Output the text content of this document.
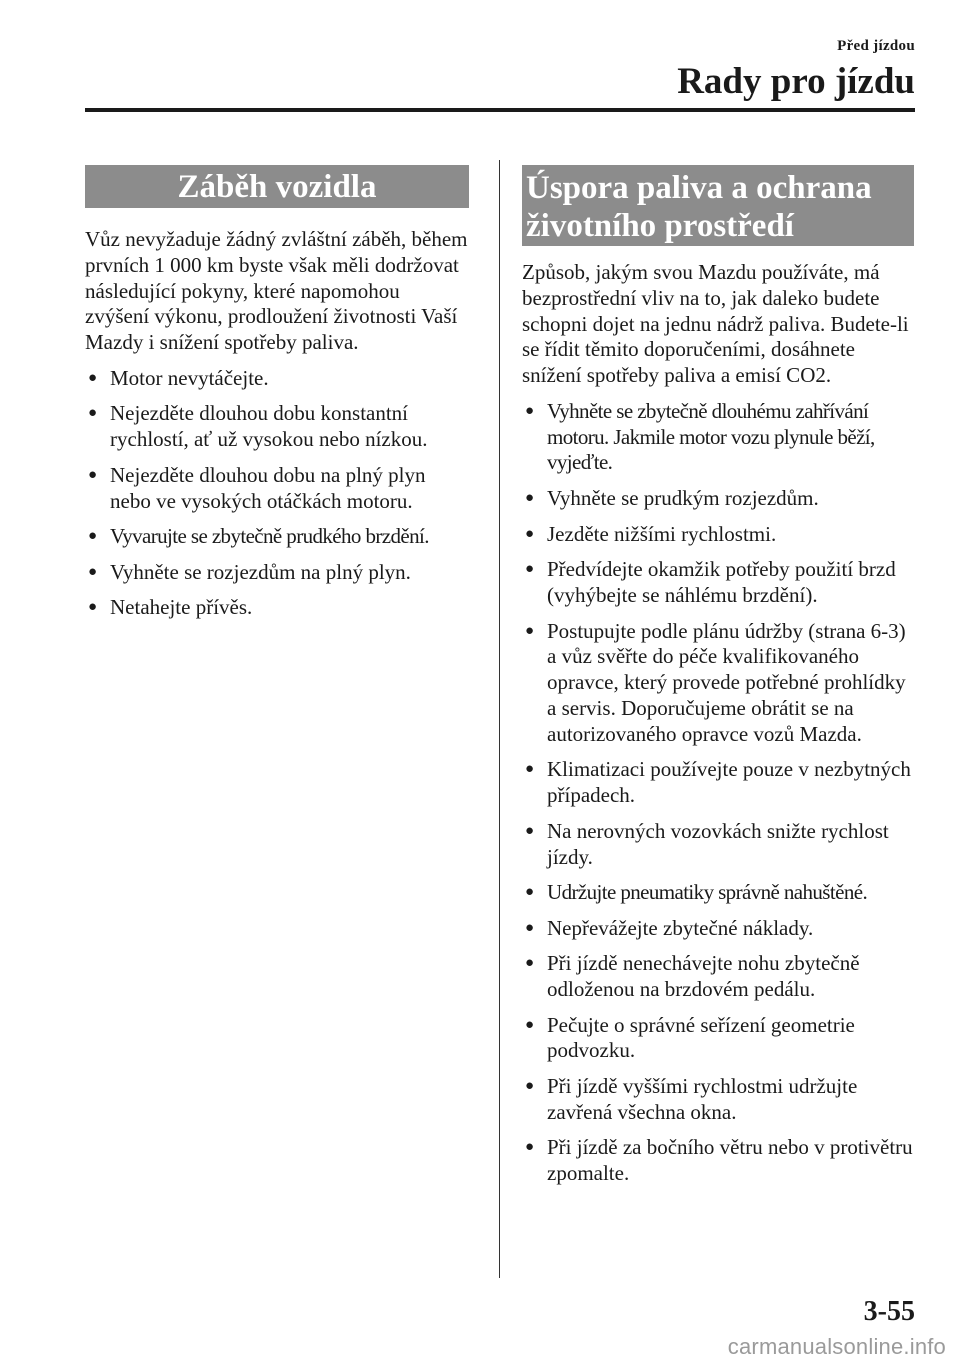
Před jízdou
Rady pro jízdu
Záběh vozidla

Vůz nevyžaduje žádný zvláštní záběh, během prvních 1 000 km byste však měli dodržovat následující pokyny, které napomohou zvýšení výkonu, prodloužení životnosti Vaší Mazdy i snížení spotřeby paliva.

● Motor nevytáčejte.
● Nejezděte dlouhou dobu konstantní rychlostí, ať už vysokou nebo nízkou.
● Nejezděte dlouhou dobu na plný plyn nebo ve vysokých otáčkách motoru.
● Vyvarujte se zbytečně prudkého brzdění.
● Vyhněte se rozjezdům na plný plyn.
● Netahejte přívěs.
Úspora paliva a ochrana
životního prostředí

Způsob, jakým svou Mazdu používáte, má bezprostřední vliv na to, jak daleko budete schopni dojet na jednu nádrž paliva. Budete-li se řídit těmito doporučeními, dosáhnete snížení spotřeby paliva a emisí CO2.

● Vyhněte se zbytečně dlouhému zahřívání motoru. Jakmile motor vozu plynule běží, vyjeďte.
● Vyhněte se prudkým rozjezdům.
● Jezděte nižšími rychlostmi.
● Předvídejte okamžik potřeby použití brzd (vyhýbejte se náhlému brzdění).
● Postupujte podle plánu údržby (strana 6-3) a vůz svěřte do péče kvalifikovaného opravce, který provede potřebné prohlídky a servis. Doporučujeme obrátit se na autorizovaného opravce vozů Mazda.
● Klimatizaci používejte pouze v nezbytných případech.
● Na nerovných vozovkách snižte rychlost jízdy.
● Udržujte pneumatiky správně nahuštěné.
● Nepřevážejte zbytečné náklady.
● Při jízdě nenechávejte nohu zbytečně odloženou na brzdovém pedálu.
● Pečujte o správné seřízení geometrie podvozku.
● Při jízdě vyššími rychlostmi udržujte zavřená všechna okna.
● Při jízdě za bočního větru nebo v protivětru zpomalte.
3-55
carmanualsonline.info
